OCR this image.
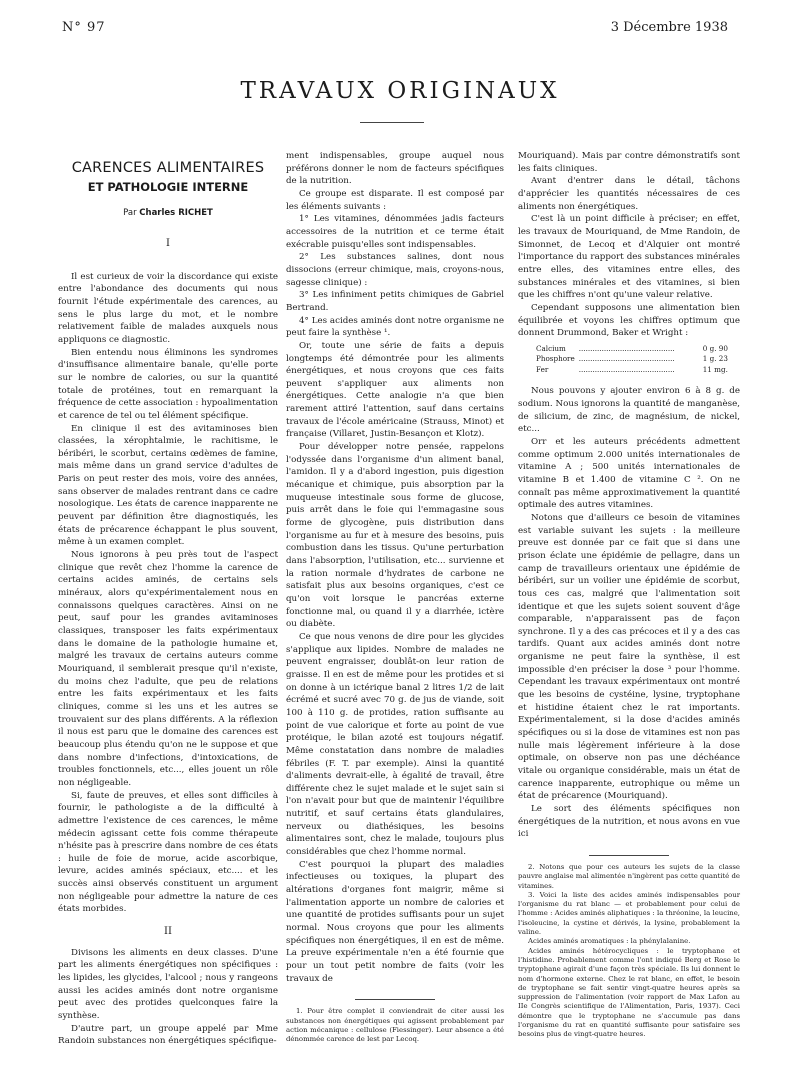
N° 97	3 Décembre 1938
TRAVAUX ORIGINAUX
CARENCES ALIMENTAIRES
ET PATHOLOGIE INTERNE
Par Charles RICHET
I

Il est curieux de voir la discordance qui existe entre l'abondance des documents qui nous fournit l'étude expérimentale des carences, au sens le plus large du mot, et le nombre relativement faible de malades auxquels nous appliquons ce diagnostic.

Bien entendu nous éliminons les syndromes d'insuffisance alimentaire banale, qu'elle porte sur le nombre de calories, ou sur la quantité totale de protéines, tout en remarquant la fréquence de cette association : hypoalimentation et carence de tel ou tel élément spécifique.

En clinique il est des avitaminoses bien classées, la xérophtalmie, le rachitisme, le béribéri, le scorbut, certains œdèmes de famine, mais même dans un grand service d'adultes de Paris on peut rester des mois, voire des années, sans observer de malades rentrant dans ce cadre nosologique. Les états de carence inapparente ne peuvent par définition être diagnostiqués, les états de précarence échappant le plus souvent, même à un examen complet.

Nous ignorons à peu près tout de l'aspect clinique que revêt chez l'homme la carence de certains acides aminés, de certains sels minéraux, alors qu'expérimentalement nous en connaissons quelques caractères. Ainsi on ne peut, sauf pour les grandes avitaminoses classiques, transposer les faits expérimentaux dans le domaine de la pathologie humaine et, malgré les travaux de certains auteurs comme Mouriquand, il semblerait presque qu'il n'existe, du moins chez l'adulte, que peu de relations entre les faits expérimentaux et les faits cliniques, comme si les uns et les autres se trouvaient sur des plans différents. A la réflexion il nous est paru que le domaine des carences est beaucoup plus étendu qu'on ne le suppose et que dans nombre d'infections, d'intoxications, de troubles fonctionnels, etc..., elles jouent un rôle non négligeable.

Si, faute de preuves, et elles sont difficiles à fournir, le pathologiste a de la difficulté à admettre l'existence de ces carences, le même médecin agissant cette fois comme thérapeute n'hésite pas à prescrire dans nombre de ces états : huile de foie de morue, acide ascorbique, levure, acides aminés spéciaux, etc.... et les succès ainsi observés constituent un argument non négligeable pour admettre la nature de ces états morbides.

II

Divisons les aliments en deux classes. D'une part les aliments énergétiques non spécifiques : les lipides, les glycides, l'alcool ; nous y rangeons aussi les acides aminés dont notre organisme peut avec des protides quelconques faire la synthèse.

D'autre part, un groupe appelé par Mme Randoin substances non énergétiques spécifique-

ment indispensables, groupe auquel nous préférons donner le nom de facteurs spécifiques de la nutrition.

Ce groupe est disparate. Il est composé par les éléments suivants :

1° Les vitamines, dénommées jadis facteurs accessoires de la nutrition et ce terme était exécrable puisqu'elles sont indispensables.

2° Les substances salines, dont nous dissocions (erreur chimique, mais, croyons-nous, sagesse clinique) :

3° Les infiniment petits chimiques de Gabriel Bertrand.

4° Les acides aminés dont notre organisme ne peut faire la synthèse ¹.

Or, toute une série de faits a depuis longtemps été démontrée pour les aliments énergétiques, et nous croyons que ces faits peuvent s'appliquer aux aliments non énergétiques. Cette analogie n'a que bien rarement attiré l'attention, sauf dans certains travaux de l'école américaine (Strauss, Minot) et française (Villaret, Justin-Besançon et Klotz).

Pour développer notre pensée, rappelons l'odyssée dans l'organisme d'un aliment banal, l'amidon. Il y a d'abord ingestion, puis digestion mécanique et chimique, puis absorption par la muqueuse intestinale sous forme de glucose, puis arrêt dans le foie qui l'emmagasine sous forme de glycogène, puis distribution dans l'organisme au fur et à mesure des besoins, puis combustion dans les tissus. Qu'une perturbation dans l'absorption, l'utilisation, etc... survienne et la ration normale d'hydrates de carbone ne satisfait plus aux besoins organiques, c'est ce qu'on voit lorsque le pancréas externe fonctionne mal, ou quand il y a diarrhée, ictère ou diabète.

Ce que nous venons de dire pour les glycides s'applique aux lipides. Nombre de malades ne peuvent engraisser, doublât-on leur ration de graisse. Il en est de même pour les protides et si on donne à un ictérique banal 2 litres 1/2 de lait écrémé et sucré avec 70 g. de jus de viande, soit 100 à 110 g. de protides, ration suffisante au point de vue calorique et forte au point de vue protéique, le bilan azoté est toujours négatif. Même constatation dans nombre de maladies fébriles (F. T. par exemple). Ainsi la quantité d'aliments devrait-elle, à égalité de travail, être différente chez le sujet malade et le sujet sain si l'on n'avait pour but que de maintenir l'équilibre nutritif, et sauf certains états glandulaires, nerveux ou diathésiques, les besoins alimentaires sont, chez le malade, toujours plus considérables que chez l'homme normal.

C'est pourquoi la plupart des maladies infectieuses ou toxiques, la plupart des altérations d'organes font maigrir, même si l'alimentation apporte un nombre de calories et une quantité de protides suffisants pour un sujet normal. Nous croyons que pour les aliments spécifiques non énergétiques, il en est de même. La preuve expérimentale n'en a été fournie que pour un tout petit nombre de faits (voir les travaux de

1. Pour être complet il conviendrait de citer aussi les substances non énergétiques qui agissent probablement par action mécanique : cellulose (Fiessinger). Leur absence a été dénommée carence de lest par Lecoq.

Mouriquand). Mais par contre démonstratifs sont les faits cliniques.

Avant d'entrer dans le détail, tâchons d'apprécier les quantités nécessaires de ces aliments non énergétiques.

C'est là un point difficile à préciser; en effet, les travaux de Mouriquand, de Mme Randoin, de Simonnet, de Lecoq et d'Alquier ont montré l'importance du rapport des substances minérales entre elles, des vitamines entre elles, des substances minérales et des vitamines, si bien que les chiffres n'ont qu'une valeur relative.

Cependant supposons une alimentation bien équilibrée et voyons les chiffres optimum que donnent Drummond, Baker et Wright :

Calcium	..........................................	0 g. 90
Phosphore	..........................................	1 g. 23
Fer	..........................................	11 mg.

Nous pouvons y ajouter environ 6 à 8 g. de sodium. Nous ignorons la quantité de manganèse, de silicium, de zinc, de magnésium, de nickel, etc...

Orr et les auteurs précédents admettent comme optimum 2.000 unités internationales de vitamine A ; 500 unités internationales de vitamine B et 1.400 de vitamine C ². On ne connaît pas même approximativement la quantité optimale des autres vitamines.

Notons que d'ailleurs ce besoin de vitamines est variable suivant les sujets : la meilleure preuve est donnée par ce fait que si dans une prison éclate une épidémie de pellagre, dans un camp de travailleurs orientaux une épidémie de béribéri, sur un voilier une épidémie de scorbut, tous ces cas, malgré que l'alimentation soit identique et que les sujets soient souvent d'âge comparable, n'apparaissent pas de façon synchrone. Il y a des cas précoces et il y a des cas tardifs. Quant aux acides aminés dont notre organisme ne peut faire la synthèse, il est impossible d'en préciser la dose ³ pour l'homme. Cependant les travaux expérimentaux ont montré que les besoins de cystéine, lysine, tryptophane et histidine étaient chez le rat importants. Expérimentalement, si la dose d'acides aminés spécifiques ou si la dose de vitamines est non pas nulle mais légèrement inférieure à la dose optimale, on observe non pas une déchéance vitale ou organique considérable, mais un état de carence inapparente, eutrophique ou même un état de précarence (Mouriquand).

Le sort des éléments spécifiques non énergétiques de la nutrition, et nous avons en vue ici

2. Notons que pour ces auteurs les sujets de la classe pauvre anglaise mal alimentée n'ingèrent pas cette quantité de vitamines.

3. Voici la liste des acides aminés indispensables pour l'organisme du rat blanc — et probablement pour celui de l'homme : Acides aminés aliphatiques : la thréonine, la leucine, l'isoleucine, la cystine et dérivés, la lysine, probablement la valine.

Acides aminés aromatiques : la phénylalanine.

Acides aminés hétérocycliques : le tryptophane et l'histidine. Probablement comme l'ont indiqué Berg et Rose le tryptophane agirait d'une façon très spéciale. Ils lui donnent le nom d'hormone externe. Chez le rat blanc, en effet, le besoin de tryptophane se fait sentir vingt-quatre heures après sa suppression de l'alimentation (voir rapport de Max Lafon au IIe Congrès scientifique de l'Alimentation, Paris, 1937). Ceci démontre que le tryptophane ne s'accumule pas dans l'organisme du rat en quantité suffisante pour satisfaire ses besoins plus de vingt-quatre heures.
